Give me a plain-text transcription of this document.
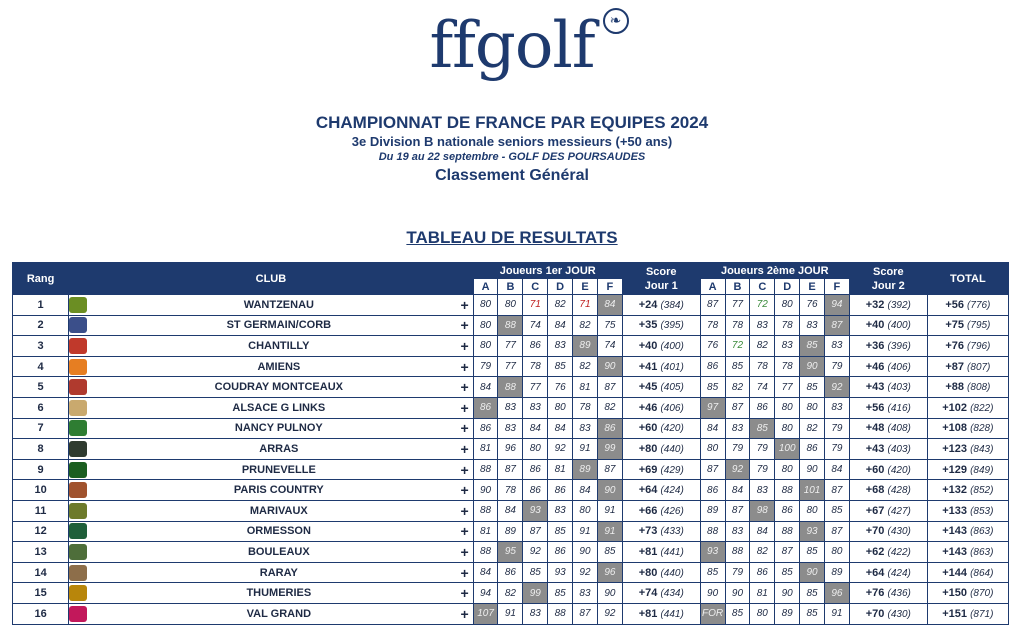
ffgolf	❧
CHAMPIONNAT DE FRANCE PAR EQUIPES 2024
3e Division B nationale seniors messieurs (+50 ans)
Du 19 au 22 septembre - GOLF DES POURSAUDES
Classement Général
TABLEAU DE RESULTATS
Rang	CLUB	Joueurs 1er JOUR						Score Jour 1	Joueurs 2ème JOUR						Score Jour 2	TOTAL
		A	B	C	D	E	F		A	B	C	D	E	F		
1	WANTZENAU +	80	80	71	82	71	84	+24 (384)	87	77	72	80	76	94	+32 (392)	+56 (776)
2	ST GERMAIN/CORB +	80	88	74	84	82	75	+35 (395)	78	78	83	78	83	87	+40 (400)	+75 (795)
3	CHANTILLY +	80	77	86	83	89	74	+40 (400)	76	72	82	83	85	83	+36 (396)	+76 (796)
4	AMIENS +	79	77	78	85	82	90	+41 (401)	86	85	78	78	90	79	+46 (406)	+87 (807)
5	COUDRAY MONTCEAUX +	84	88	77	76	81	87	+45 (405)	85	82	74	77	85	92	+43 (403)	+88 (808)
6	ALSACE G LINKS +	86	83	83	80	78	82	+46 (406)	97	87	86	80	80	83	+56 (416)	+102 (822)
7	NANCY PULNOY +	86	83	84	84	83	86	+60 (420)	84	83	85	80	82	79	+48 (408)	+108 (828)
8	ARRAS +	81	96	80	92	91	99	+80 (440)	80	79	79	100	86	79	+43 (403)	+123 (843)
9	PRUNEVELLE +	88	87	86	81	89	87	+69 (429)	87	92	79	80	90	84	+60 (420)	+129 (849)
10	PARIS COUNTRY +	90	78	86	86	84	90	+64 (424)	86	84	83	88	101	87	+68 (428)	+132 (852)
11	MARIVAUX +	88	84	93	83	80	91	+66 (426)	89	87	98	86	80	85	+67 (427)	+133 (853)
12	ORMESSON +	81	89	87	85	91	91	+73 (433)	88	83	84	88	93	87	+70 (430)	+143 (863)
13	BOULEAUX +	88	95	92	86	90	85	+81 (441)	93	88	82	87	85	80	+62 (422)	+143 (863)
14	RARAY +	84	86	85	93	92	96	+80 (440)	85	79	86	85	90	89	+64 (424)	+144 (864)
15	THUMERIES +	94	82	99	85	83	90	+74 (434)	90	90	81	90	85	96	+76 (436)	+150 (870)
16	VAL GRAND +	107	91	83	88	87	92	+81 (441)	FOR	85	80	89	85	91	+70 (430)	+151 (871)
